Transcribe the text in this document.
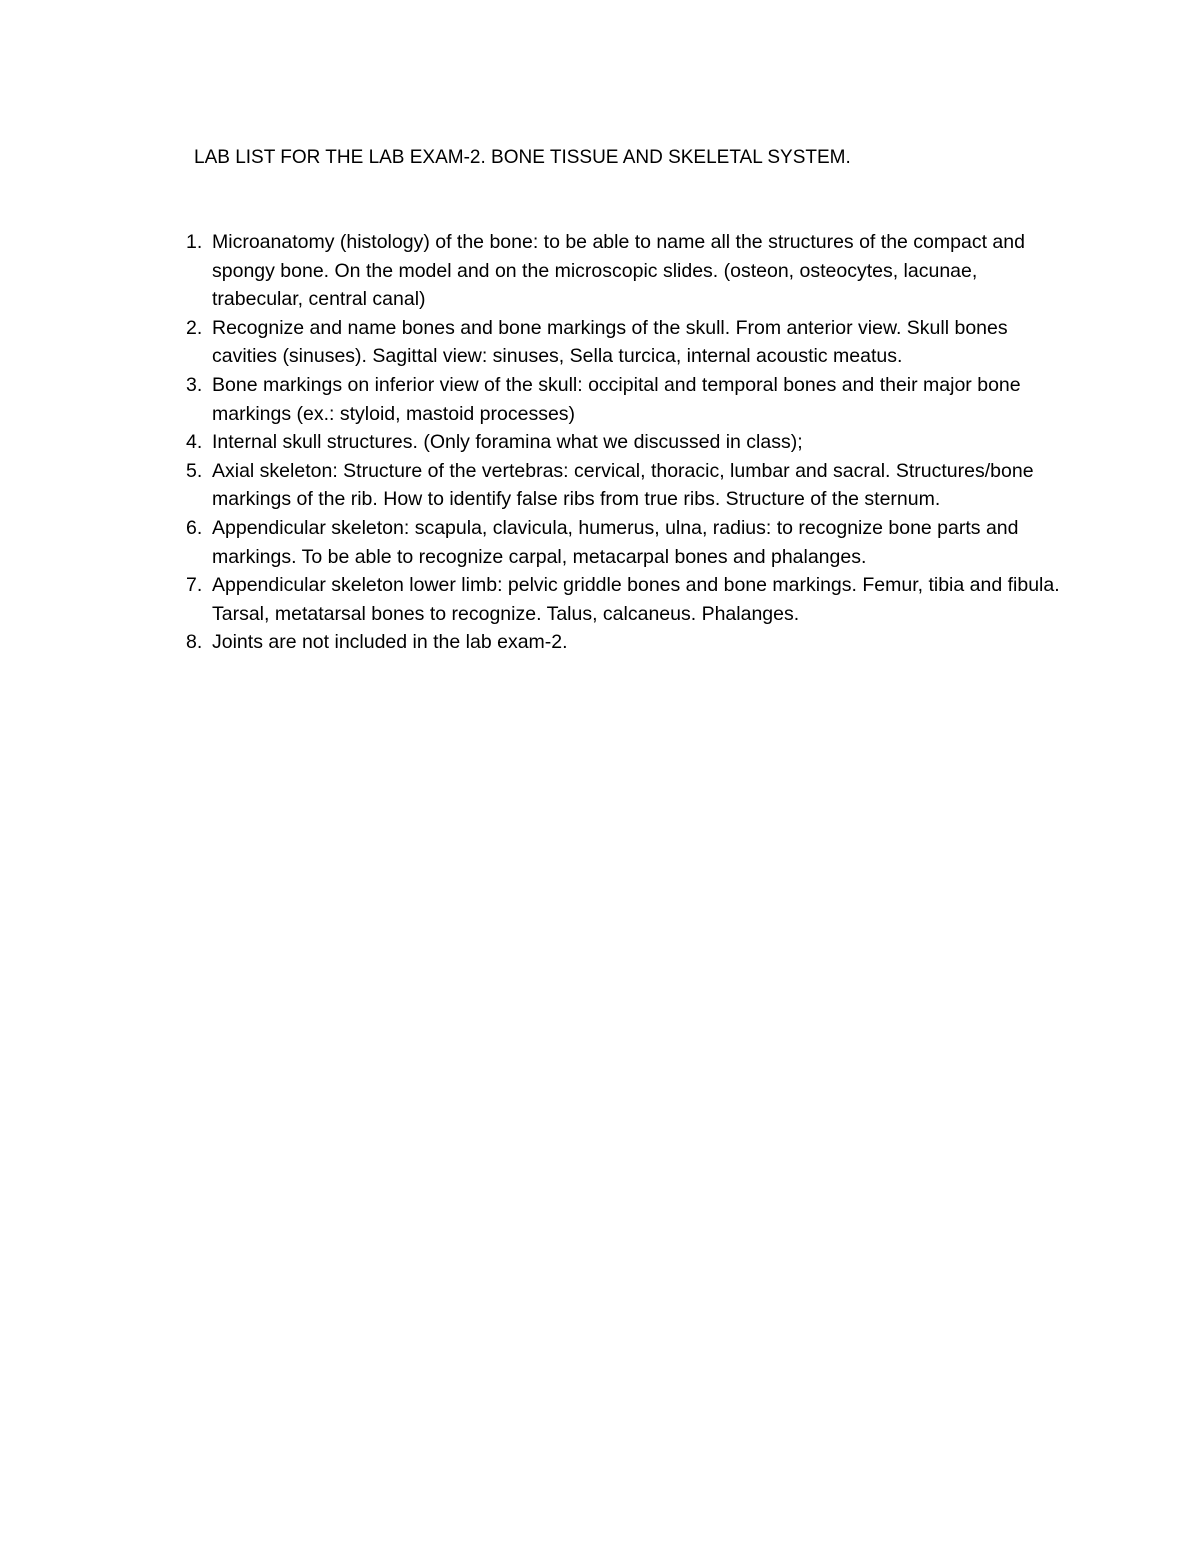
LAB LIST FOR THE LAB EXAM-2. BONE TISSUE AND SKELETAL SYSTEM.
1. Microanatomy (histology) of the bone: to be able to name all the structures of the compact and spongy bone. On the model and on the microscopic slides. (osteon, osteocytes, lacunae, trabecular, central canal)
2. Recognize and name bones and bone markings of the skull. From anterior view. Skull bones cavities (sinuses). Sagittal view: sinuses, Sella turcica, internal acoustic meatus.
3. Bone markings on inferior view of the skull: occipital and temporal bones and their major bone markings (ex.: styloid, mastoid processes)
4. Internal skull structures. (Only foramina what we discussed in class);
5. Axial skeleton: Structure of the vertebras: cervical, thoracic, lumbar and sacral. Structures/bone markings of the rib. How to identify false ribs from true ribs. Structure of the sternum.
6. Appendicular skeleton: scapula, clavicula, humerus, ulna, radius: to recognize bone parts and markings. To be able to recognize carpal, metacarpal bones and phalanges.
7. Appendicular skeleton lower limb: pelvic griddle bones and bone markings. Femur, tibia and fibula. Tarsal, metatarsal bones to recognize. Talus, calcaneus. Phalanges.
8. Joints are not included in the lab exam-2.
